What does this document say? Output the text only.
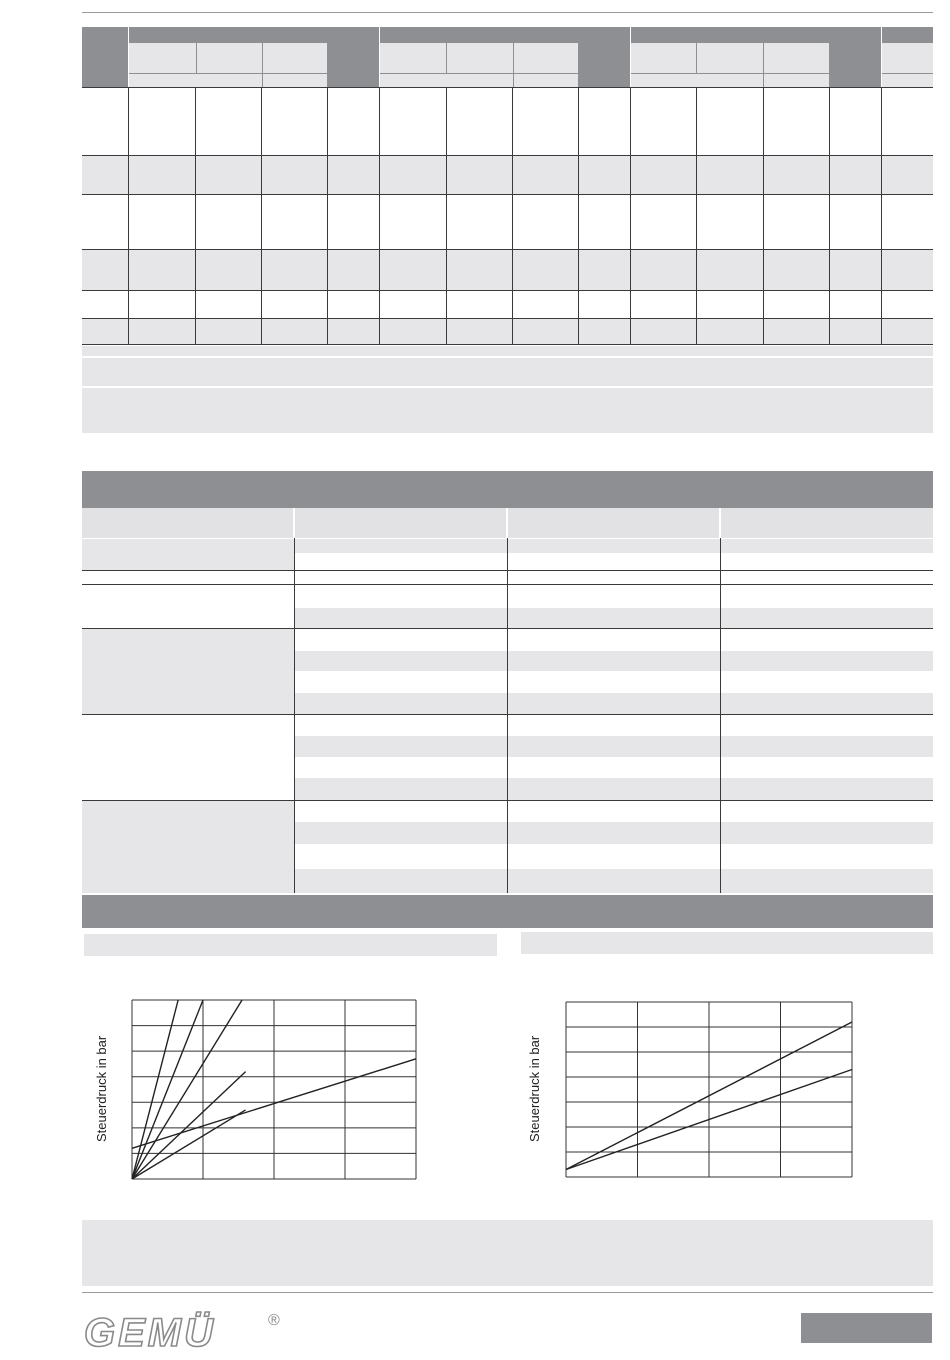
Steuerdruck in bar	Steuerdruck in bar
GEMÜ	®
